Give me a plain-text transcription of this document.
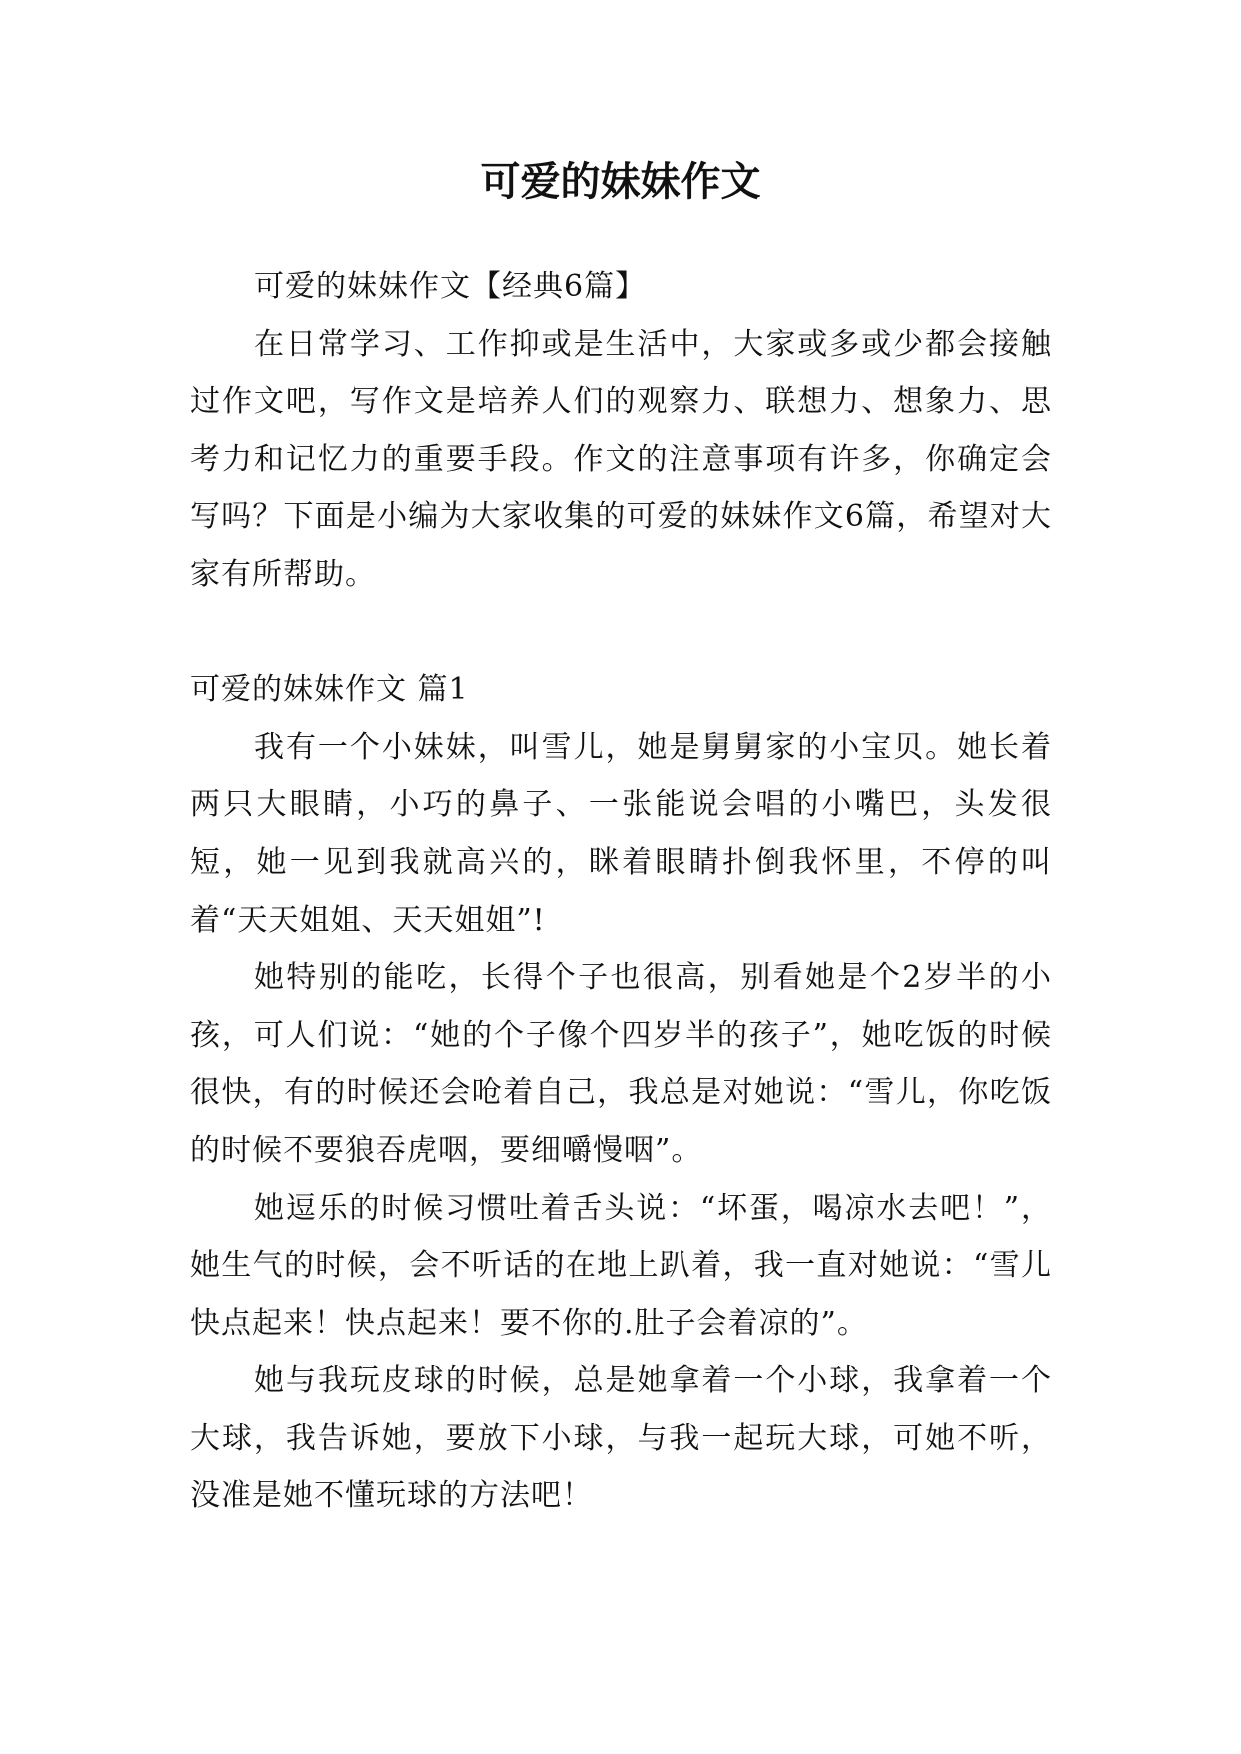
可爱的妹妹作文

可爱的妹妹作文【经典6篇】

在日常学习、工作抑或是生活中，大家或多或少都会接触过作文吧，写作文是培养人们的观察力、联想力、想象力、思考力和记忆力的重要手段。作文的注意事项有许多，你确定会写吗？下面是小编为大家收集的可爱的妹妹作文6篇，希望对大家有所帮助。

可爱的妹妹作文 篇1

我有一个小妹妹，叫雪儿，她是舅舅家的小宝贝。她长着两只大眼睛，小巧的鼻子、一张能说会唱的小嘴巴，头发很短，她一见到我就高兴的，眯着眼睛扑倒我怀里，不停的叫着“天天姐姐、天天姐姐”!

她特别的能吃，长得个子也很高，别看她是个2岁半的小孩，可人们说：“她的个子像个四岁半的孩子”，她吃饭的时候很快，有的时候还会呛着自己，我总是对她说：“雪儿，你吃饭的时候不要狼吞虎咽，要细嚼慢咽”。

她逗乐的时候习惯吐着舌头说：“坏蛋，喝凉水去吧！”，她生气的时候，会不听话的在地上趴着，我一直对她说：“雪儿快点起来！快点起来！要不你的.肚子会着凉的”。

她与我玩皮球的时候，总是她拿着一个小球，我拿着一个大球，我告诉她，要放下小球，与我一起玩大球，可她不听，没准是她不懂玩球的方法吧！
